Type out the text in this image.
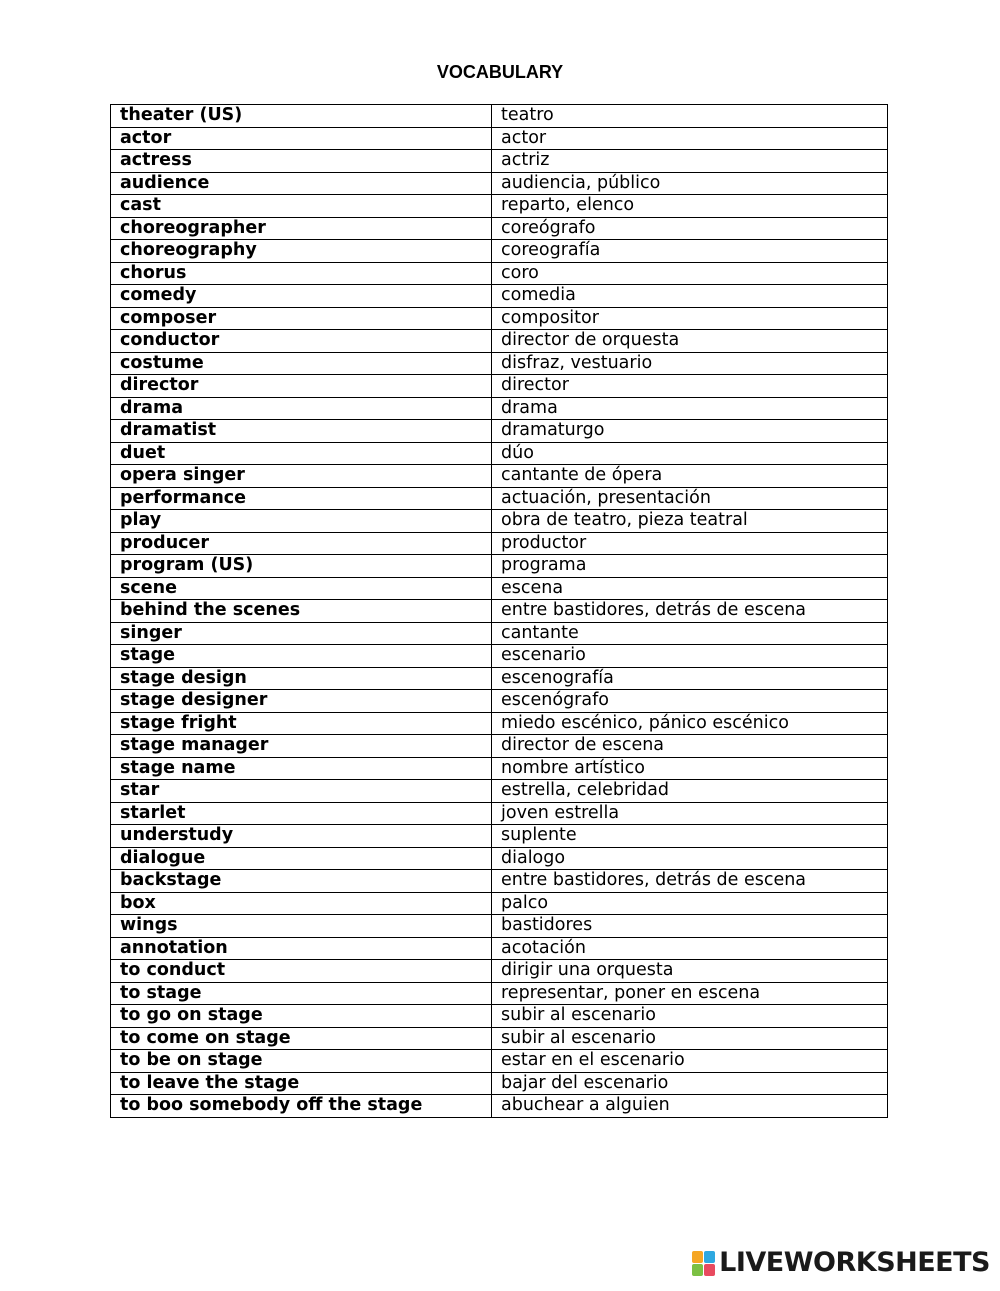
VOCABULARY
theater (US)	teatro
actor	actor
actress	actriz
audience	audiencia, público
cast	reparto, elenco
choreographer	coreógrafo
choreography	coreografía
chorus	coro
comedy	comedia
composer	compositor
conductor	director de orquesta
costume	disfraz, vestuario
director	director
drama	drama
dramatist	dramaturgo
duet	dúo
opera singer	cantante de ópera
performance	actuación, presentación
play	obra de teatro, pieza teatral
producer	productor
program (US)	programa
scene	escena
behind the scenes	entre bastidores, detrás de escena
singer	cantante
stage	escenario
stage design	escenografía
stage designer	escenógrafo
stage fright	miedo escénico, pánico escénico
stage manager	director de escena
stage name	nombre artístico
star	estrella, celebridad
starlet	joven estrella
understudy	suplente
dialogue	dialogo
backstage	entre bastidores, detrás de escena
box	palco
wings	bastidores
annotation	acotación
to conduct	dirigir una orquesta
to stage	representar, poner en escena
to go on stage	subir al escenario
to come on stage	subir al escenario
to be on stage	estar en el escenario
to leave the stage	bajar del escenario
to boo somebody off the stage	abuchear a alguien
LIVEWORKSHEETS
